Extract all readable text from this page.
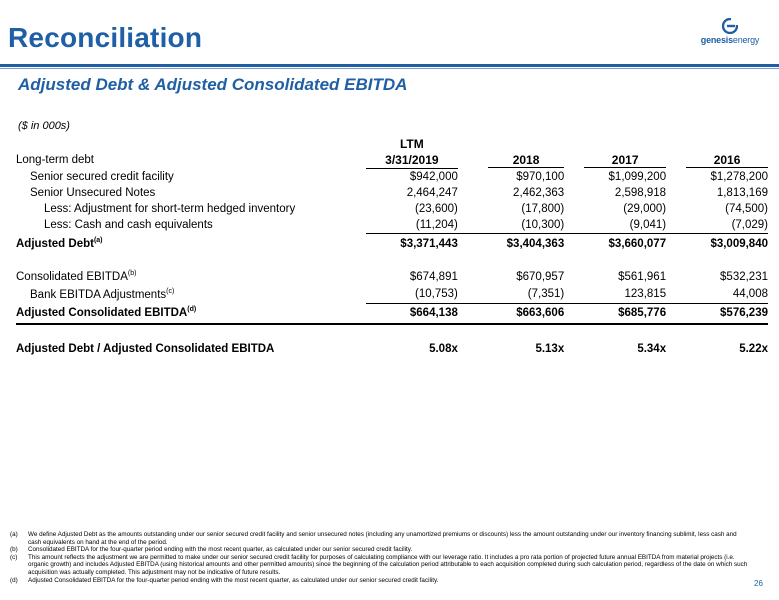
Reconciliation	genesisenergy
Adjusted Debt & Adjusted Consolidated EBITDA
($ in 000s)
	LTM			
Long-term debt	3/31/2019	2018	2017	2016

Senior secured credit facility	$942,000	$970,100	$1,099,200	$1,278,200
Senior Unsecured Notes	2,464,247	2,462,363	2,598,918	1,813,169
Less: Adjustment for short-term hedged inventory	(23,600)	(17,800)	(29,000)	(74,500)
Less: Cash and cash equivalents	(11,204)	(10,300)	(9,041)	(7,029)
Adjusted Debt$^{(a)}$	$3,371,443	$3,404,363	$3,660,077	$3,009,840

Consolidated EBITDA$^{(b)}$	$674,891	$670,957	$561,961	$532,231
Bank EBITDA Adjustments$^{(c)}$	(10,753)	(7,351)	123,815	44,008
Adjusted Consolidated EBITDA$^{(d)}$	$664,138	$663,606	$685,776	$576,239

Adjusted Debt / Adjusted Consolidated EBITDA	5.08x	5.13x	5.34x	5.22x
(a)	We define Adjusted Debt as the amounts outstanding under our senior secured credit facility and senior unsecured notes (including any unamortized premiums or discounts) less the amount outstanding under our inventory financing sublimit, less cash and cash equivalents on hand at the end of the period.
(b)	Consolidated EBITDA for the four-quarter period ending with the most recent quarter, as calculated under our senior secured credit facility.
(c)	This amount reflects the adjustment we are permitted to make under our senior secured credit facility for purposes of calculating compliance with our leverage ratio. It includes a pro rata portion of projected future annual EBITDA from material projects (i.e. organic growth) and includes Adjusted EBITDA (using historical amounts and other permitted amounts) since the beginning of the calculation period attributable to each acquisition completed during such calculation period, regardless of the date on which such acquisition was actually completed. This adjustment may not be indicative of future results.
(d)	Adjusted Consolidated EBITDA for the four-quarter period ending with the most recent quarter, as calculated under our senior secured credit facility.	26
